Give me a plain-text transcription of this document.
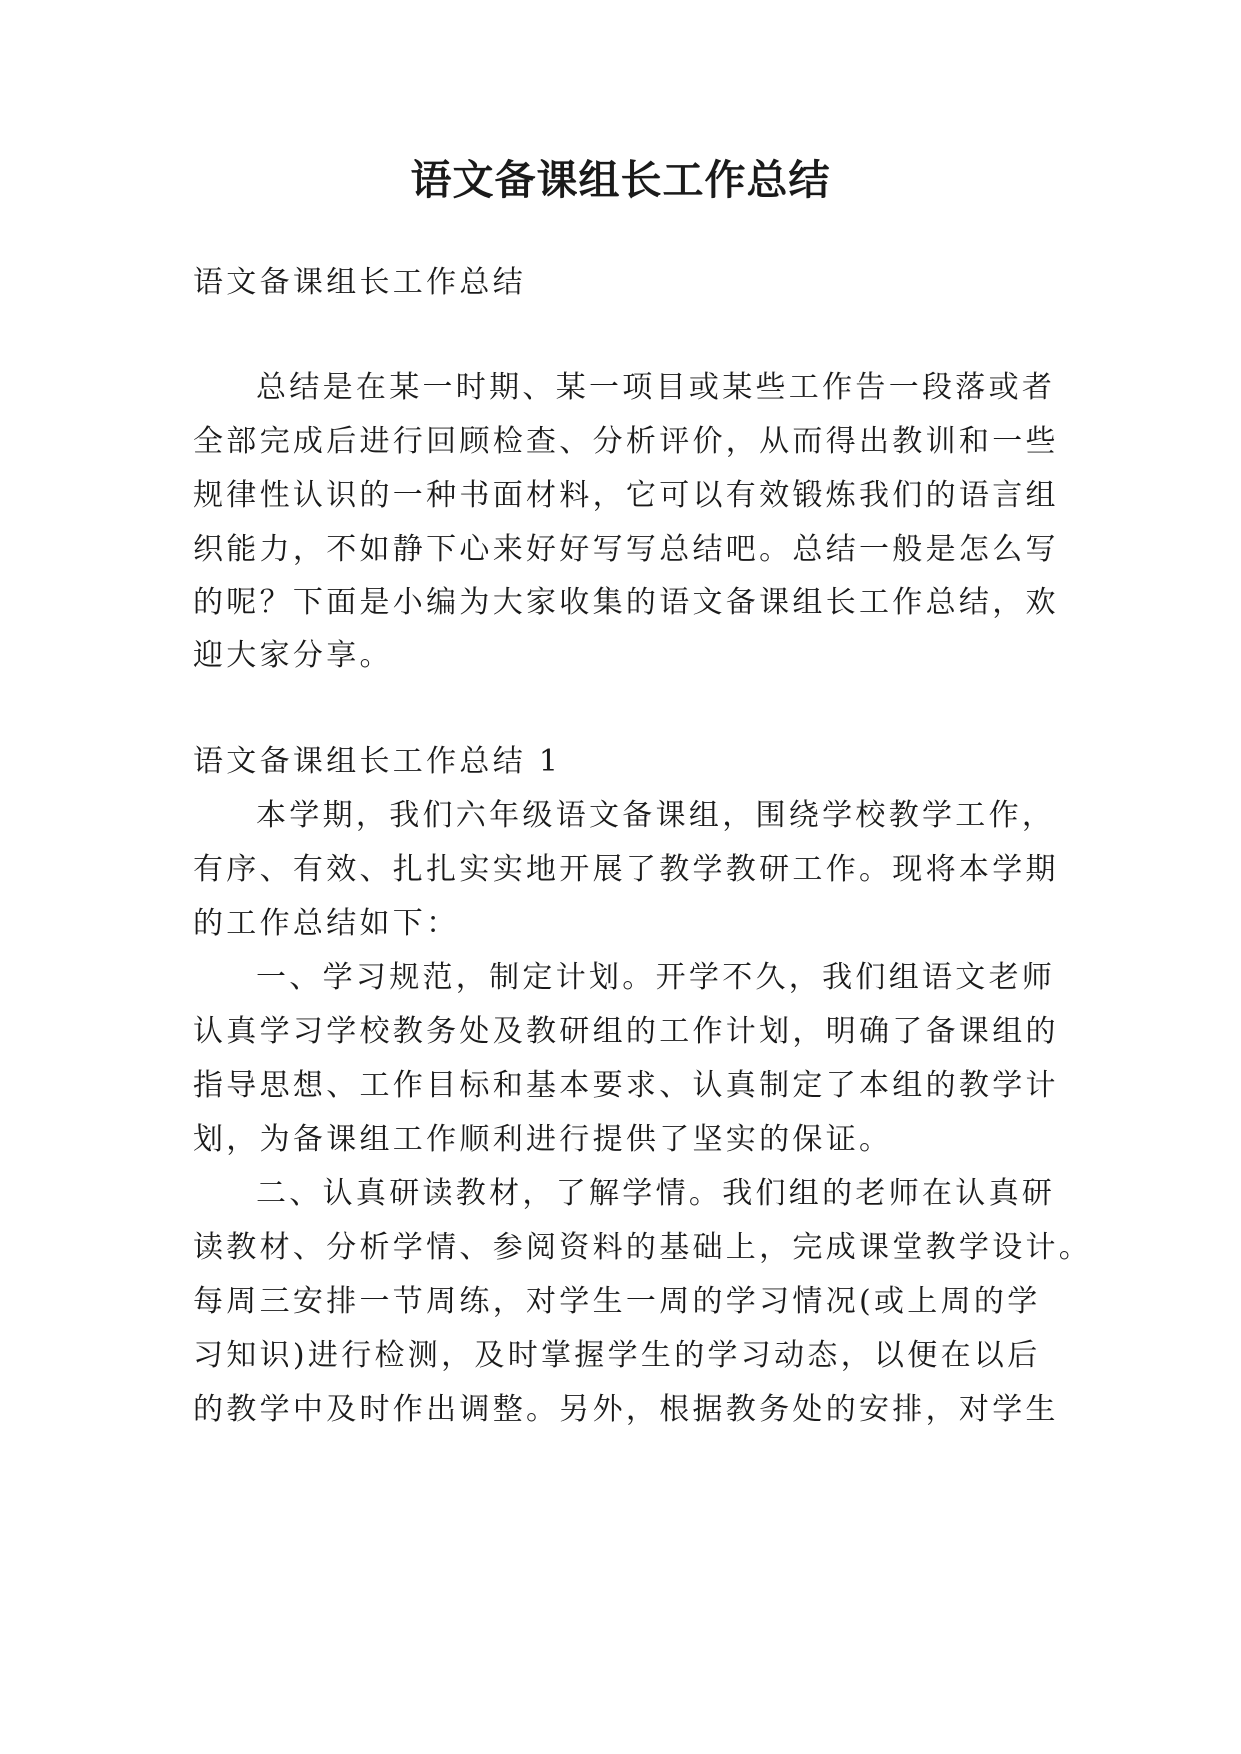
语文备课组长工作总结
语文备课组长工作总结
总结是在某一时期、某一项目或某些工作告一段落或者
全部完成后进行回顾检查、分析评价，从而得出教训和一些
规律性认识的一种书面材料，它可以有效锻炼我们的语言组
织能力，不如静下心来好好写写总结吧。总结一般是怎么写
的呢？下面是小编为大家收集的语文备课组长工作总结，欢
迎大家分享。
语文备课组长工作总结 1
本学期，我们六年级语文备课组，围绕学校教学工作，
有序、有效、扎扎实实地开展了教学教研工作。现将本学期
的工作总结如下：
一、学习规范，制定计划。开学不久，我们组语文老师
认真学习学校教务处及教研组的工作计划，明确了备课组的
指导思想、工作目标和基本要求、认真制定了本组的教学计
划，为备课组工作顺利进行提供了坚实的保证。
二、认真研读教材，了解学情。我们组的老师在认真研
读教材、分析学情、参阅资料的基础上，完成课堂教学设计。
每周三安排一节周练，对学生一周的学习情况(或上周的学
习知识)进行检测，及时掌握学生的学习动态，以便在以后
的教学中及时作出调整。另外，根据教务处的安排，对学生
